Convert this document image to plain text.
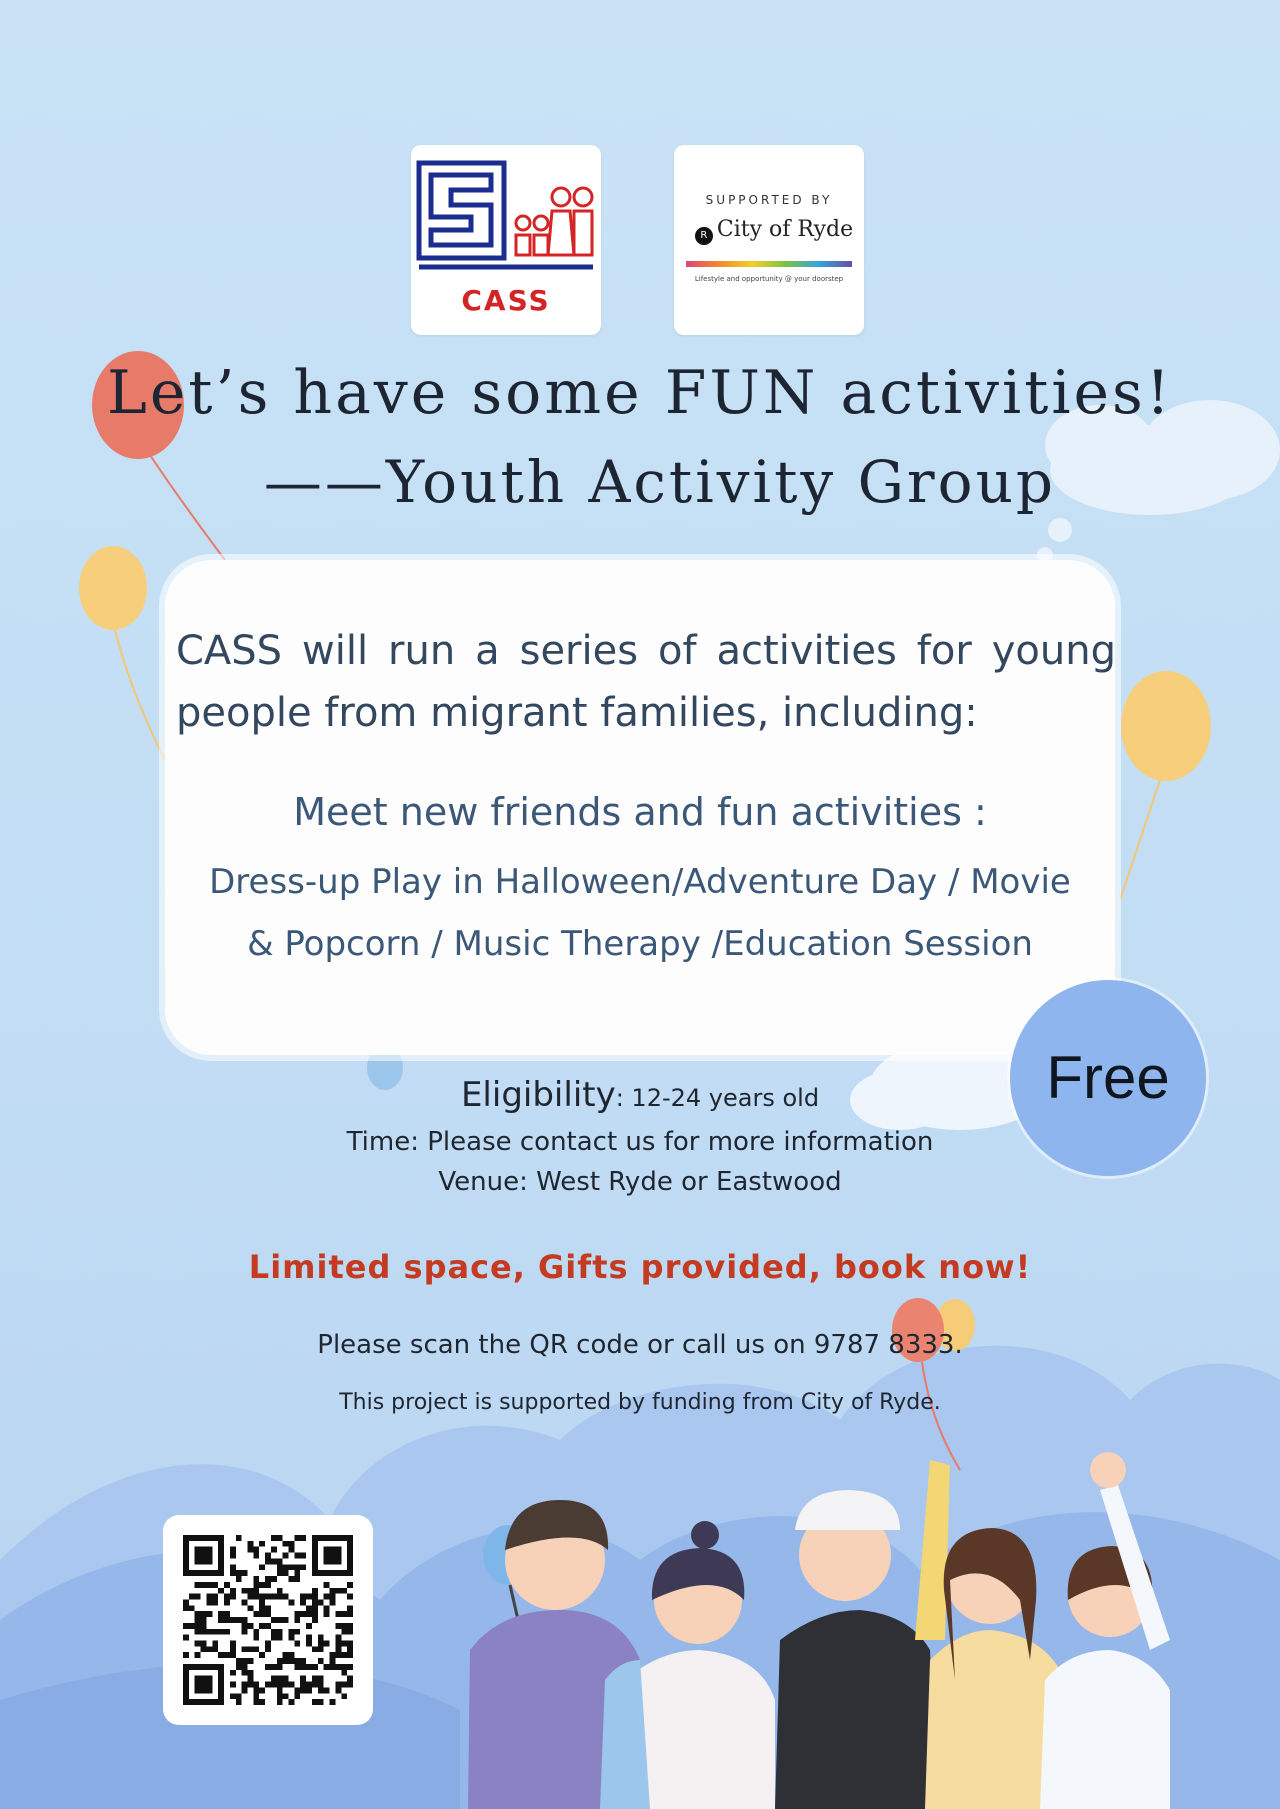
CASS
SUPPORTED BY
R City of Ryde
Lifestyle and opportunity @ your doorstep
Let’s have some FUN activities!
——Youth Activity Group
CASS will run a series of activities for young people from migrant families, including:
Meet new friends and fun activities :
Dress-up Play in Halloween/Adventure Day / Movie
& Popcorn / Music Therapy /Education Session
Free
Eligibility: 12-24 years old
Time: Please contact us for more information
Venue: West Ryde or Eastwood
Limited space, Gifts provided, book now!
Please scan the QR code or call us on 9787 8333.
This project is supported by funding from City of Ryde.
